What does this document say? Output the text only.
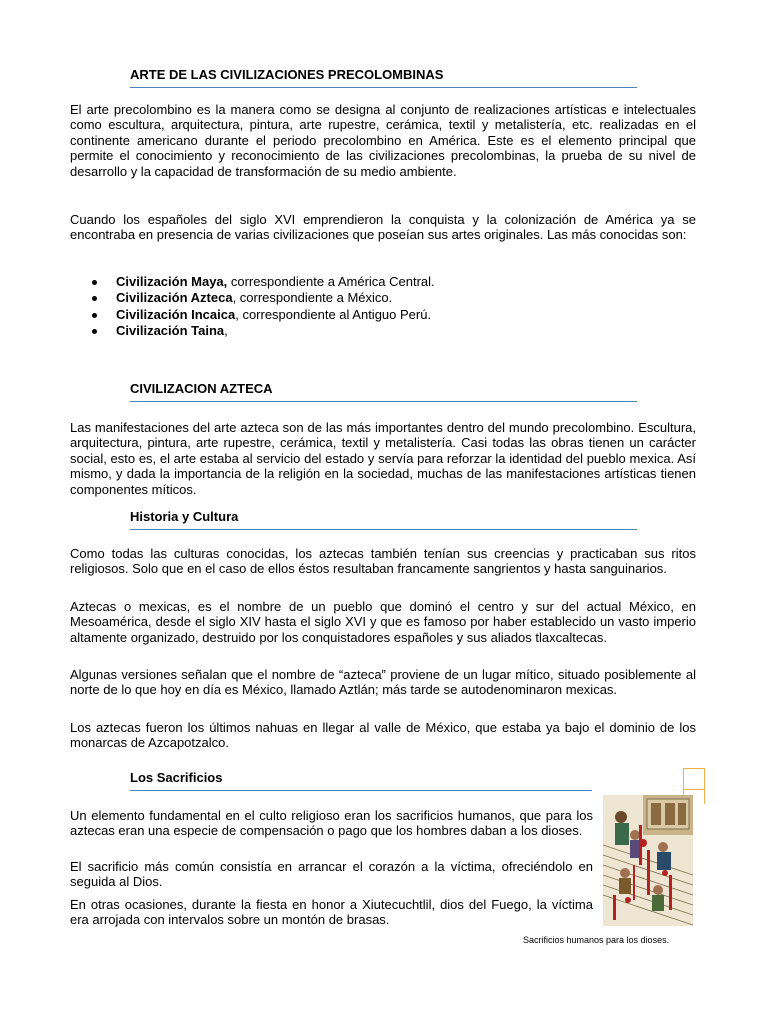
ARTE DE LAS CIVILIZACIONES PRECOLOMBINAS

El arte precolombino es la manera como se designa al conjunto de realizaciones artísticas e intelectuales como escultura, arquitectura, pintura, arte rupestre, cerámica, textil y metalistería, etc. realizadas en el continente americano durante el periodo precolombino en América. Este es el elemento principal que permite el conocimiento y reconocimiento de las civilizaciones precolombinas, la prueba de su nivel de desarrollo y la capacidad de transformación de su medio ambiente.

Cuando los españoles del siglo XVI emprendieron la conquista y la colonización de América ya se encontraba en presencia de varias civilizaciones que poseían sus artes originales. Las más conocidas son:

Civilización Maya, correspondiente a América Central.
Civilización Azteca, correspondiente a México.
Civilización Incaica, correspondiente al Antiguo Perú.
Civilización Taina,
CIVILIZACION AZTECA

Las manifestaciones del arte azteca son de las más importantes dentro del mundo precolombino. Escultura, arquitectura, pintura, arte rupestre, cerámica, textil y metalistería. Casi todas las obras tienen un carácter social, esto es, el arte estaba al servicio del estado y servía para reforzar la identidad del pueblo mexica. Así mismo, y dada la importancia de la religión en la sociedad, muchas de las manifestaciones artísticas tienen componentes míticos.

Historia y Cultura

Como todas las culturas conocidas, los aztecas también tenían sus creencias y practicaban sus ritos religiosos. Solo que en el caso de ellos éstos resultaban francamente sangrientos y hasta sanguinarios.

Aztecas o mexicas, es el nombre de un pueblo que dominó el centro y sur del actual México, en Mesoamérica, desde el siglo XIV hasta el siglo XVI y que es famoso por haber establecido un vasto imperio altamente organizado, destruido por los conquistadores españoles y sus aliados tlaxcaltecas.

Algunas versiones señalan que el nombre de “azteca” proviene de un lugar mítico, situado posiblemente al norte de lo que hoy en día es México, llamado Aztlán; más tarde se autodenominaron mexicas.

Los aztecas fueron los últimos nahuas en llegar al valle de México, que estaba ya bajo el dominio de los monarcas de Azcapotzalco.

Los Sacrificios

Un elemento fundamental en el culto religioso eran los sacrificios humanos, que para los aztecas eran una especie de compensación o pago que los hombres daban a los dioses.

El sacrificio más común consistía en arrancar el corazón a la víctima, ofreciéndolo en seguida al Dios.

En otras ocasiones, durante la fiesta en honor a Xiutecuchtlil, dios del Fuego, la víctima era arrojada con intervalos sobre un montón de brasas.

Sacrificios humanos para los dioses.
